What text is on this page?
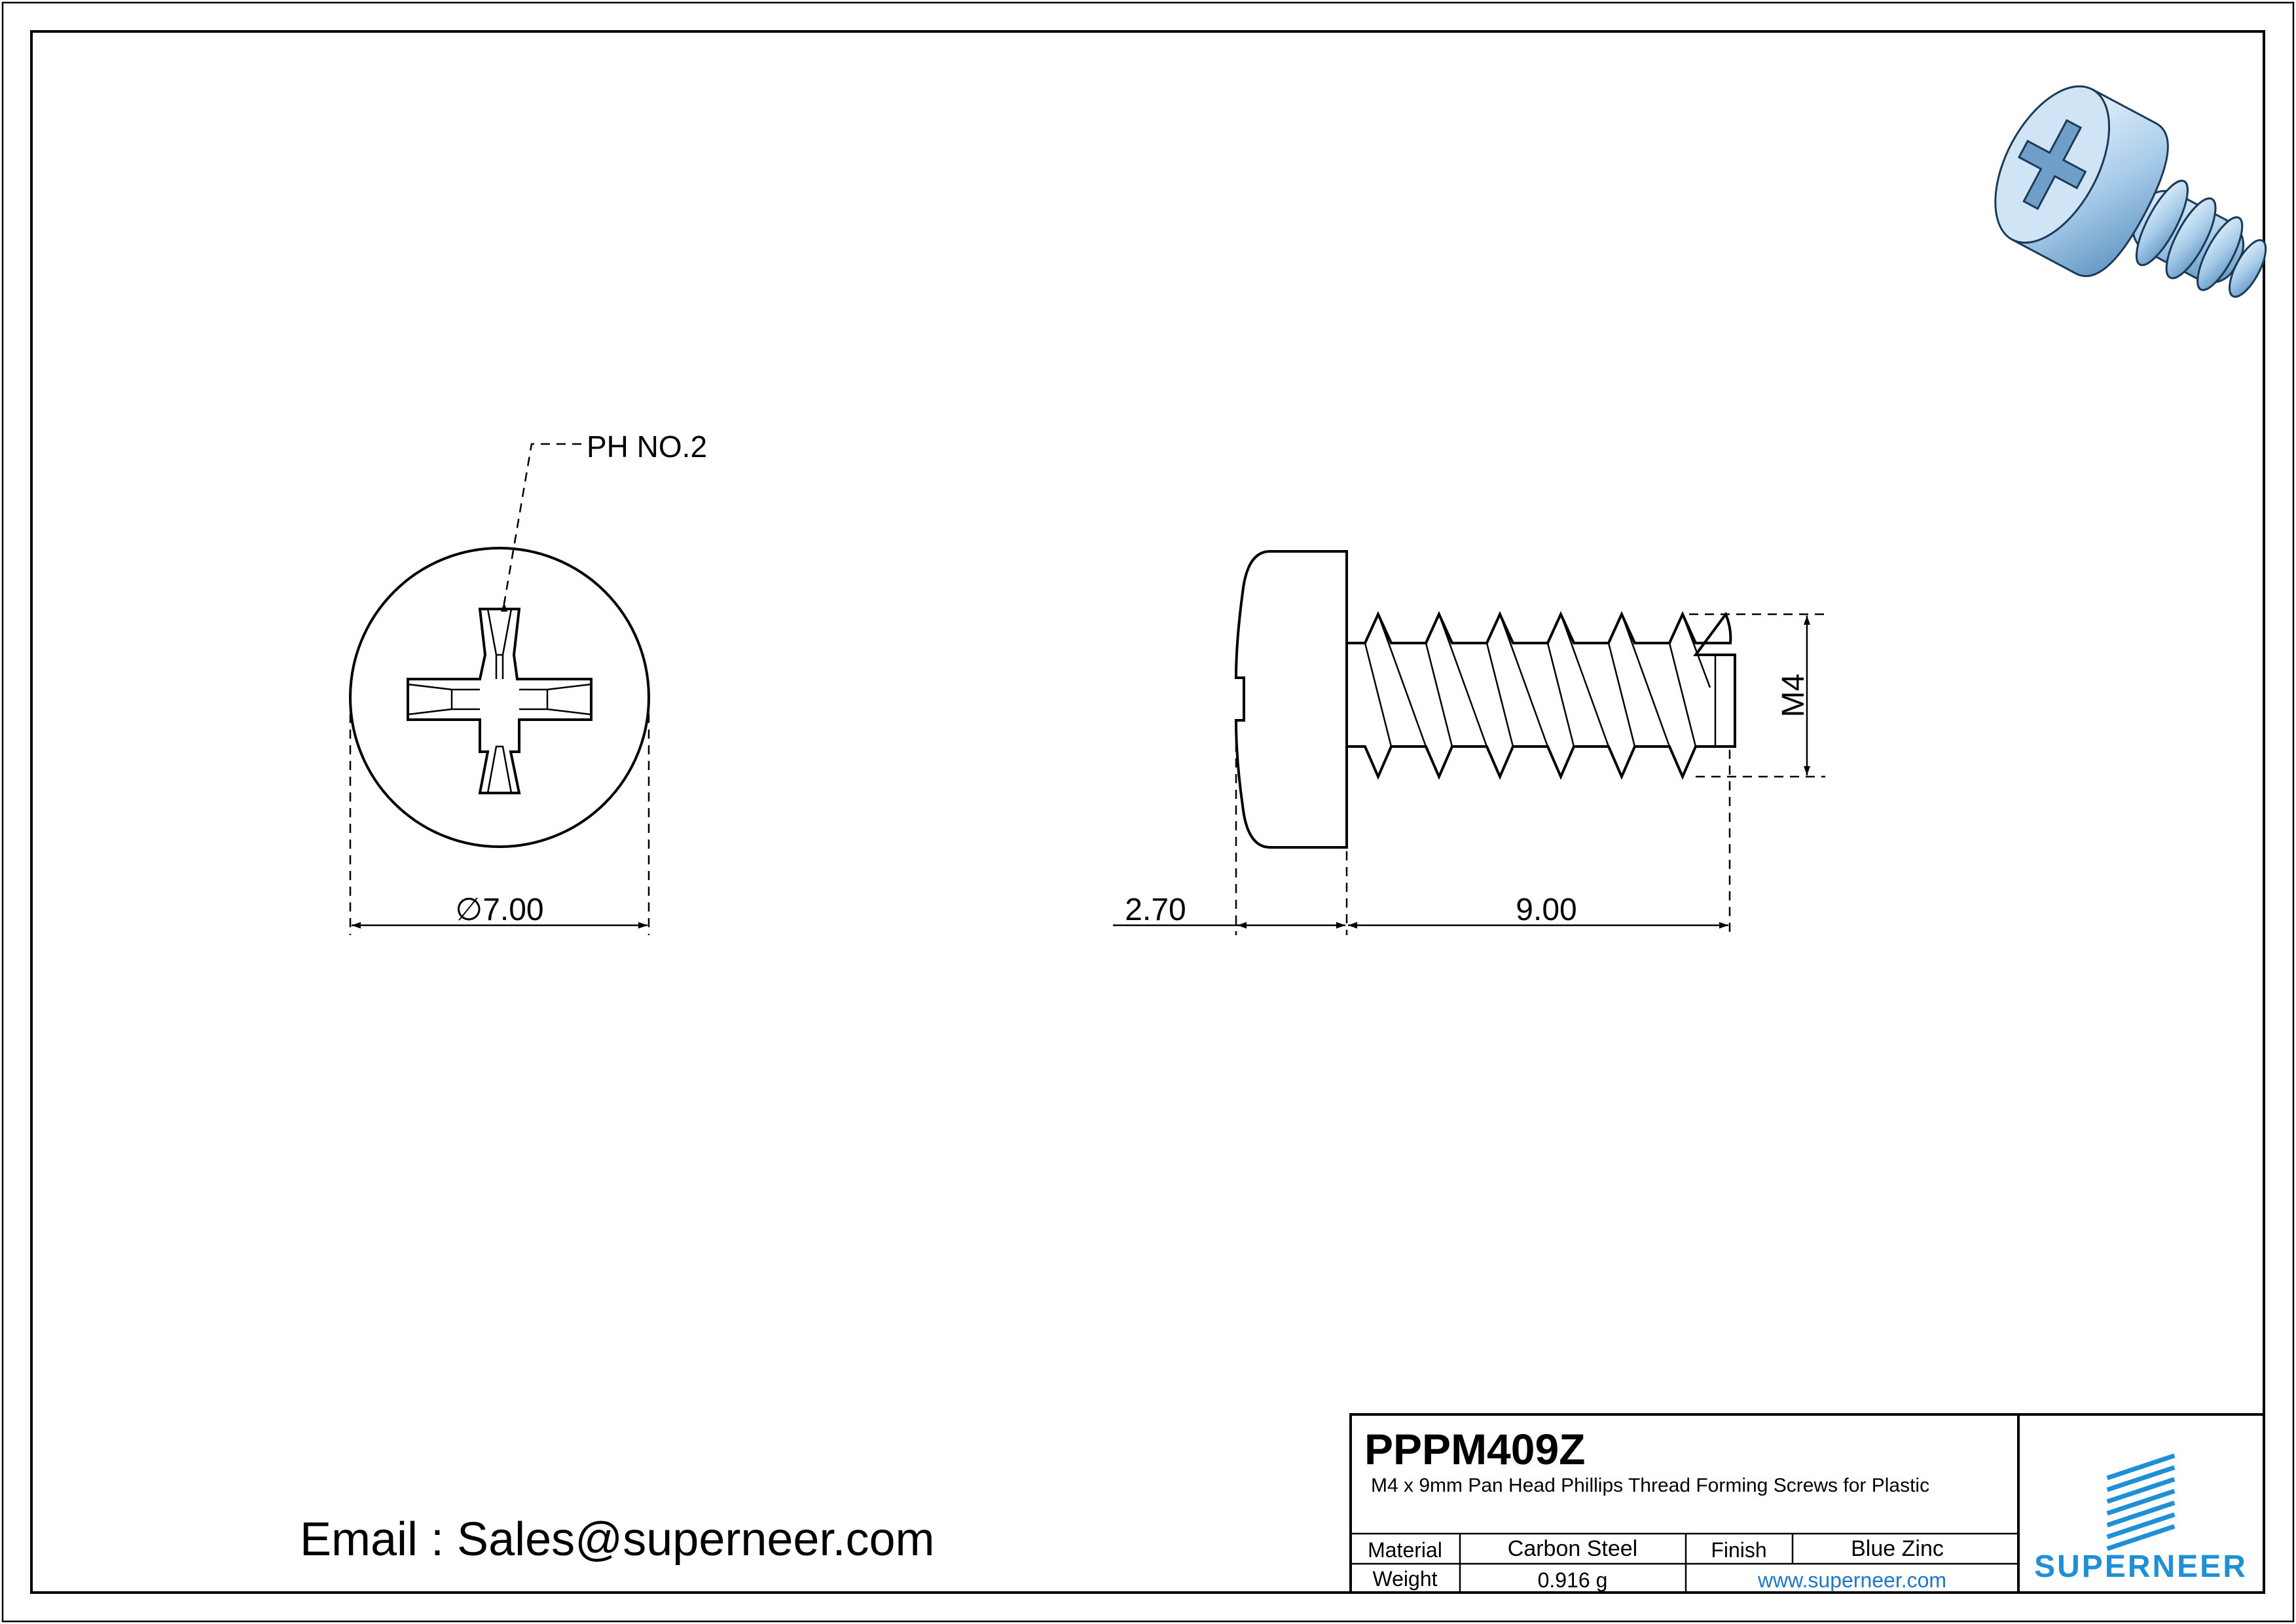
PH NO.2
∅7.00
M4
2.70	9.00
Email : Sales@superneer.com
PPPM409Z
M4 x 9mm Pan Head Phillips Thread Forming Screws for Plastic
Material	Carbon Steel	Finish	Blue Zinc
Weight	0.916 g	www.superneer.com	SUPERNEER
